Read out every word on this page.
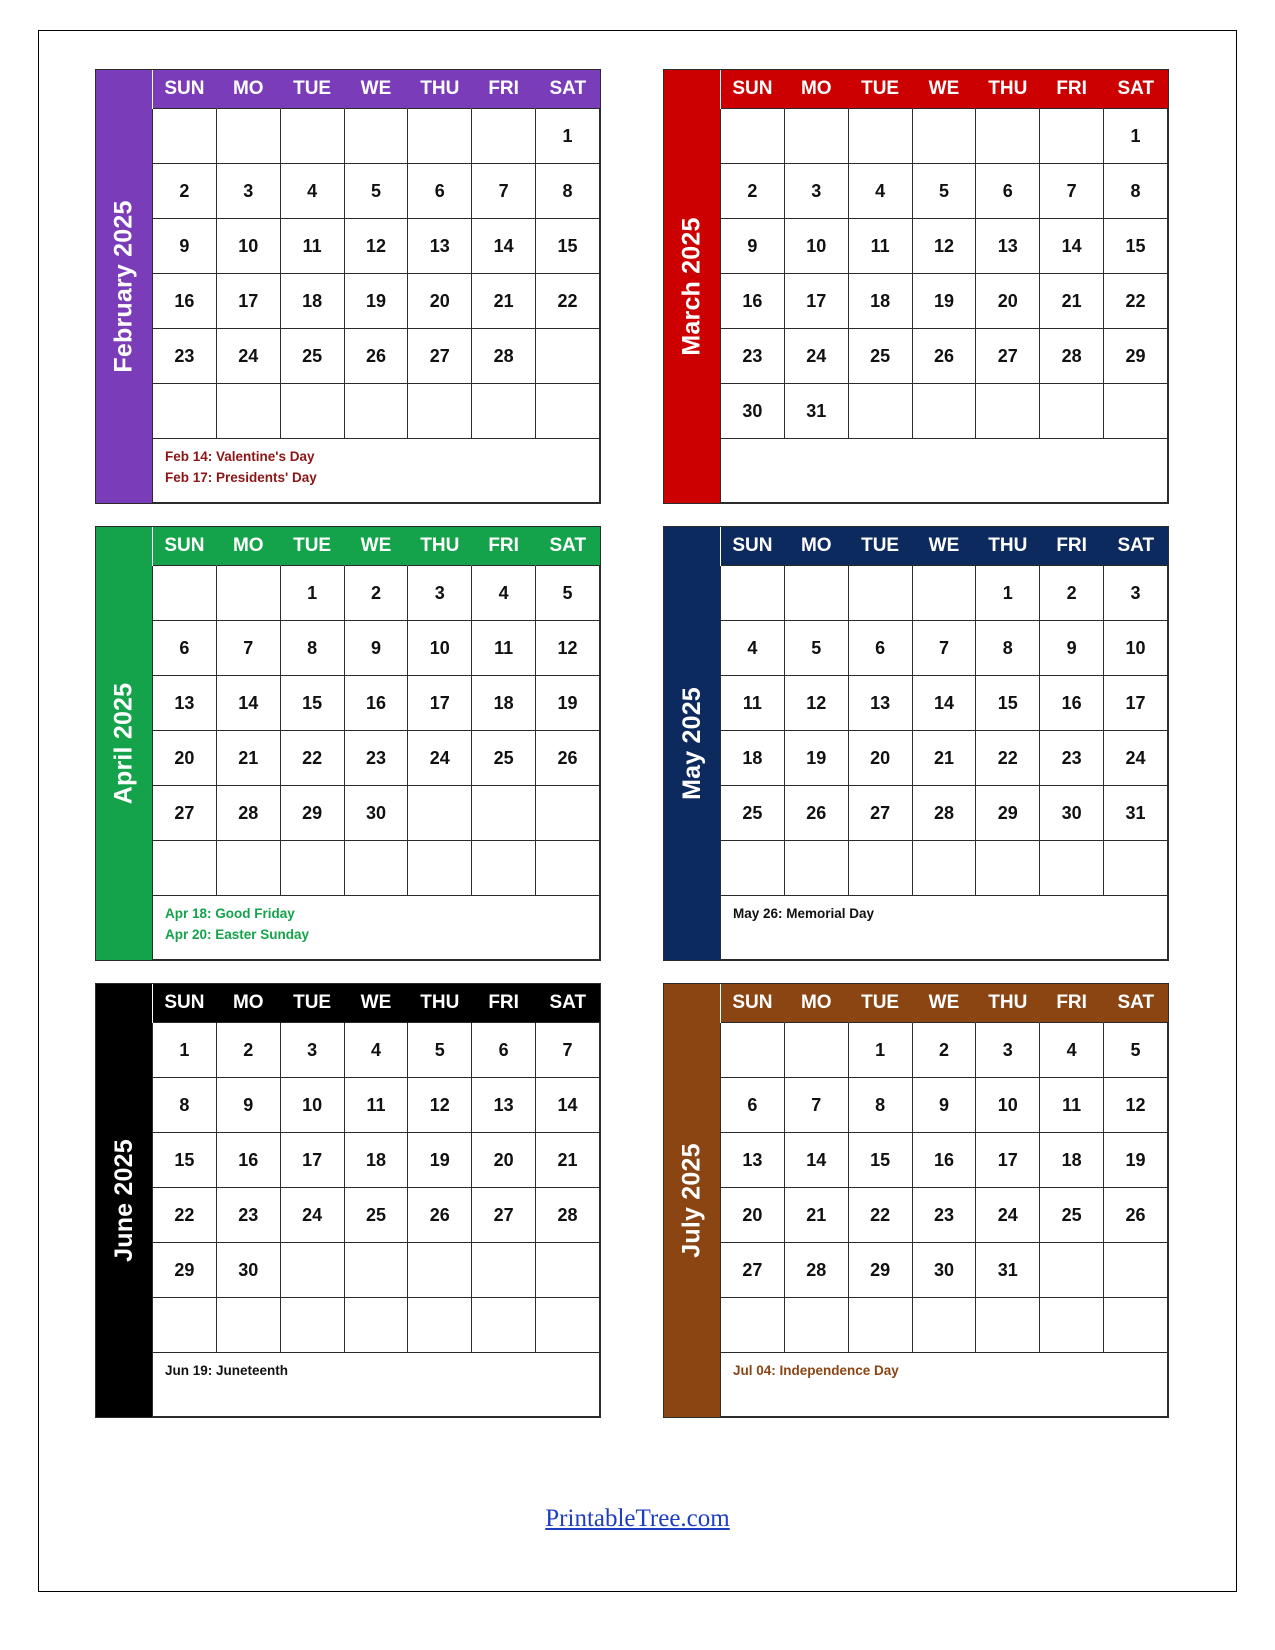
February 2025
SUN	MO	TUE	WE	THU	FRI	SAT
						1
2	3	4	5	6	7	8
9	10	11	12	13	14	15
16	17	18	19	20	21	22
23	24	25	26	27	28	

Feb 14: Valentine's Day
Feb 17: Presidents' Day
March 2025
SUN	MO	TUE	WE	THU	FRI	SAT
						1
2	3	4	5	6	7	8
9	10	11	12	13	14	15
16	17	18	19	20	21	22
23	24	25	26	27	28	29
30	31					
April 2025
SUN	MO	TUE	WE	THU	FRI	SAT
		1	2	3	4	5
6	7	8	9	10	11	12
13	14	15	16	17	18	19
20	21	22	23	24	25	26
27	28	29	30			

Apr 18: Good Friday
Apr 20: Easter Sunday
May 2025
SUN	MO	TUE	WE	THU	FRI	SAT
				1	2	3
4	5	6	7	8	9	10
11	12	13	14	15	16	17
18	19	20	21	22	23	24
25	26	27	28	29	30	31

May 26: Memorial Day
June 2025
SUN	MO	TUE	WE	THU	FRI	SAT
1	2	3	4	5	6	7
8	9	10	11	12	13	14
15	16	17	18	19	20	21
22	23	24	25	26	27	28
29	30					

Jun 19: Juneteenth
July 2025
SUN	MO	TUE	WE	THU	FRI	SAT
		1	2	3	4	5
6	7	8	9	10	11	12
13	14	15	16	17	18	19
20	21	22	23	24	25	26
27	28	29	30	31		

Jul 04: Independence Day
PrintableTree.com
